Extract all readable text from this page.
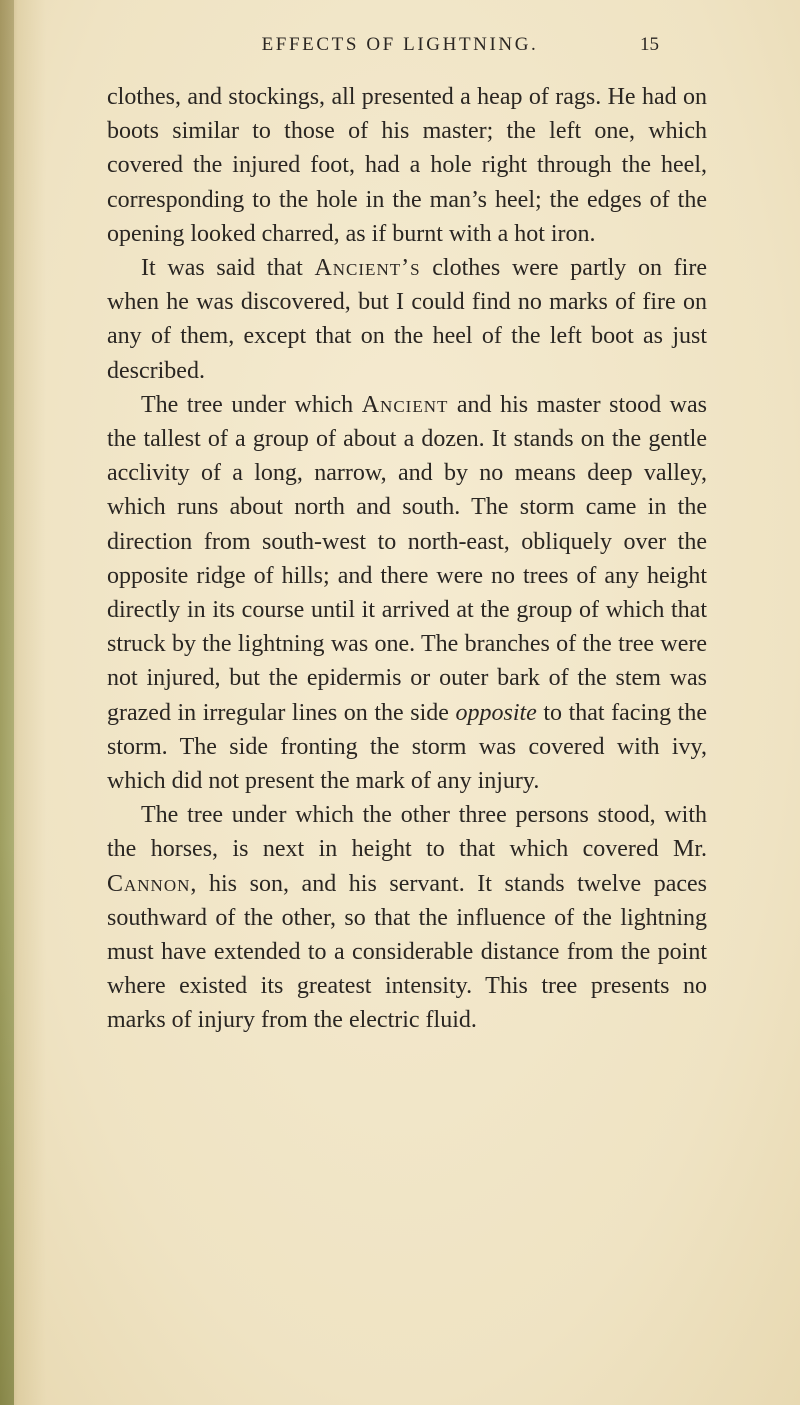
EFFECTS OF LIGHTNING.	15

clothes, and stockings, all presented a heap of rags. He had on boots similar to those of his master; the left one, which covered the injured foot, had a hole right through the heel, corresponding to the hole in the man’s heel; the edges of the opening looked charred, as if burnt with a hot iron.

It was said that Ancient’s clothes were partly on fire when he was discovered, but I could find no marks of fire on any of them, except that on the heel of the left boot as just described.

The tree under which Ancient and his master stood was the tallest of a group of about a dozen. It stands on the gentle acclivity of a long, narrow, and by no means deep valley, which runs about north and south. The storm came in the direction from south-west to north-east, obliquely over the opposite ridge of hills; and there were no trees of any height directly in its course until it arrived at the group of which that struck by the lightning was one. The branches of the tree were not injured, but the epidermis or outer bark of the stem was grazed in irregular lines on the side opposite to that facing the storm. The side fronting the storm was covered with ivy, which did not present the mark of any injury.

The tree under which the other three persons stood, with the horses, is next in height to that which covered Mr. Cannon, his son, and his servant. It stands twelve paces southward of the other, so that the influence of the lightning must have extended to a considerable distance from the point where existed its greatest intensity. This tree presents no marks of injury from the electric fluid.
